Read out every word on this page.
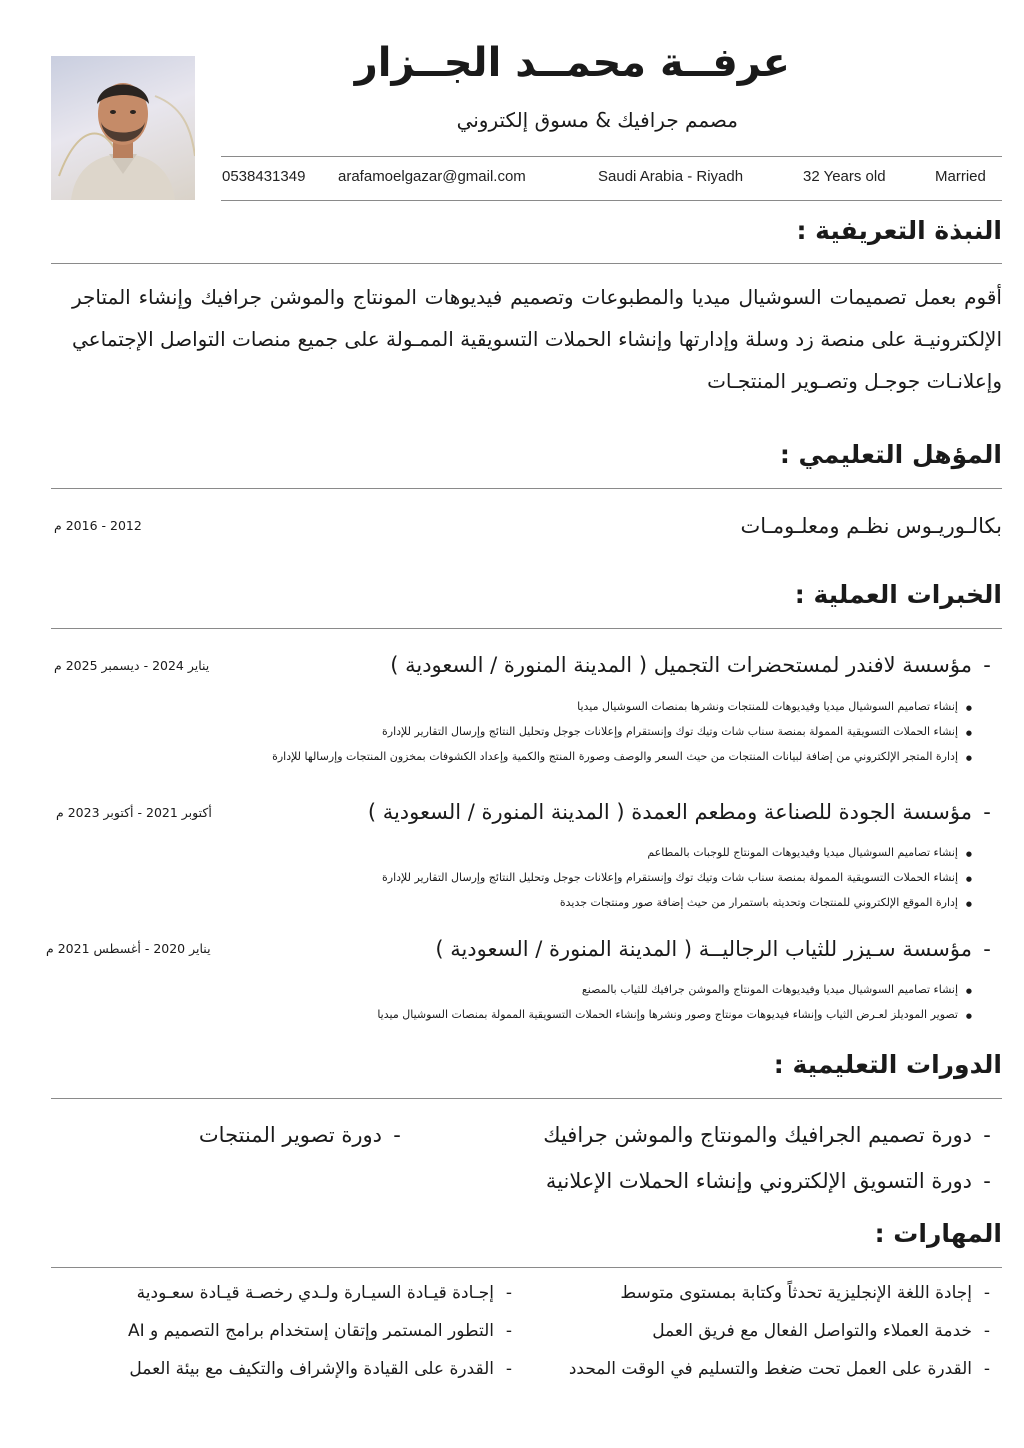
عرفــة محمــد الجــزار
مصمم جرافيك & مسوق إلكتروني
0538431349 arafamoelgazar@gmail.com	Saudi Arabia - Riyadh	32 Years old	Married
النبذة التعريفية :
أقوم بعمل تصميمات السوشيال ميديا والمطبوعات وتصميم فيديوهات المونتاج والموشن جرافيك وإنشاء المتاجر الإلكترونيـة على منصة زد وسلة وإدارتها وإنشاء الحملات التسويقية الممـولة على جميع منصات التواصل الإجتماعي وإعلانـات جوجـل وتصـوير المنتجـات
المؤهل التعليمي :
بكالـوريـوس نظـم ومعلـومـات
2012 - 2016 م
الخبرات العملية :
-مؤسسة لافندر لمستحضرات التجميل ( المدينة المنورة / السعودية )
يناير 2024 - ديسمبر 2025 م
● إنشاء تصاميم السوشيال ميديا وفيديوهات للمنتجات ونشرها بمنصات السوشيال ميديا
● إنشاء الحملات التسويقية الممولة بمنصة سناب شات وتيك توك وإنستقرام وإعلانات جوجل وتحليل النتائج وإرسال التقارير للإدارة
● إدارة المتجر الإلكتروني من إضافة لبيانات المنتجات من حيث السعر والوصف وصورة المنتج والكمية وإعداد الكشوفات بمخزون المنتجات وإرسالها للإدارة
-مؤسسة الجودة للصناعة ومطعم العمدة ( المدينة المنورة / السعودية )
أكتوبر 2021 - أكتوبر 2023 م
● إنشاء تصاميم السوشيال ميديا وفيديوهات المونتاج للوجبات بالمطاعم
● إنشاء الحملات التسويقية الممولة بمنصة سناب شات وتيك توك وإنستقرام وإعلانات جوجل وتحليل النتائج وإرسال التقارير للإدارة
● إدارة الموقع الإلكتروني للمنتجات وتحديثه باستمرار من حيث إضافة صور ومنتجات جديدة
-مؤسسة سـيزر للثياب الرجاليــة ( المدينة المنورة / السعودية )
يناير 2020 - أغسطس 2021 م
● إنشاء تصاميم السوشيال ميديا وفيديوهات المونتاج والموشن جرافيك للثياب بالمصنع
● تصوير الموديلز لعـرض الثياب وإنشاء فيديوهات مونتاج وصور ونشرها وإنشاء الحملات التسويقية الممولة بمنصات السوشيال ميديا
الدورات التعليمية :
-دورة تصميم الجرافيك والمونتاج والموشن جرافيك
-دورة تصوير المنتجات
-دورة التسويق الإلكتروني وإنشاء الحملات الإعلانية
المهارات :
-إجادة اللغة الإنجليزية تحدثاً وكتابة بمستوى متوسط
-إجـادة قيـادة السيـارة ولـدي رخصـة قيـادة سعـودية
-خدمة العملاء والتواصل الفعال مع فريق العمل
-التطور المستمر وإتقان إستخدام برامج التصميم و AI
-القدرة على العمل تحت ضغط والتسليم في الوقت المحدد
-القدرة على القيادة والإشراف والتكيف مع بيئة العمل
